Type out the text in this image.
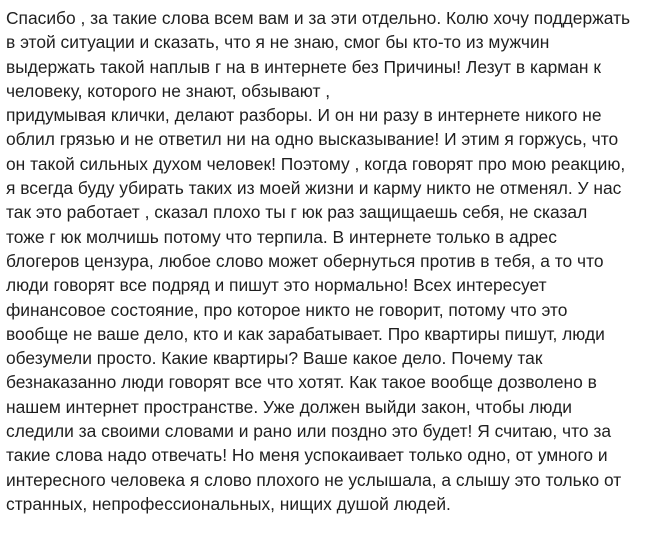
Спасибо , за такие слова всем вам и за эти отдельно. Колю хочу поддержать
в этой ситуации и сказать, что я не знаю, смог бы кто-то из мужчин
выдержать такой наплыв г на в интернете без Причины! Лезут в карман к
человеку, которого не знают, обзывают ,
придумывая клички, делают разборы. И он ни разу в интернете никого не
облил грязью и не ответил ни на одно высказывание! И этим я горжусь, что
он такой сильных духом человек! Поэтому , когда говорят про мою реакцию,
я всегда буду убирать таких из моей жизни и карму никто не отменял. У нас
так это работает , сказал плохо ты г юк раз защищаешь себя, не сказал
тоже г юк молчишь потому что терпила. В интернете только в адрес
блогеров цензура, любое слово может обернуться против в тебя, а то что
люди говорят все подряд и пишут это нормально! Всех интересует
финансовое состояние, про которое никто не говорит, потому что это
вообще не ваше дело, кто и как зарабатывает. Про квартиры пишут, люди
обезумели просто. Какие квартиры? Ваше какое дело. Почему так
безнаказанно люди говорят все что хотят. Как такое вообще дозволено в
нашем интернет пространстве. Уже должен выйди закон, чтобы люди
следили за своими словами и рано или поздно это будет! Я считаю, что за
такие слова надо отвечать! Но меня успокаивает только одно, от умного и
интересного человека я слово плохого не услышала, а слышу это только от
странных, непрофессиональных, нищих душой людей.
